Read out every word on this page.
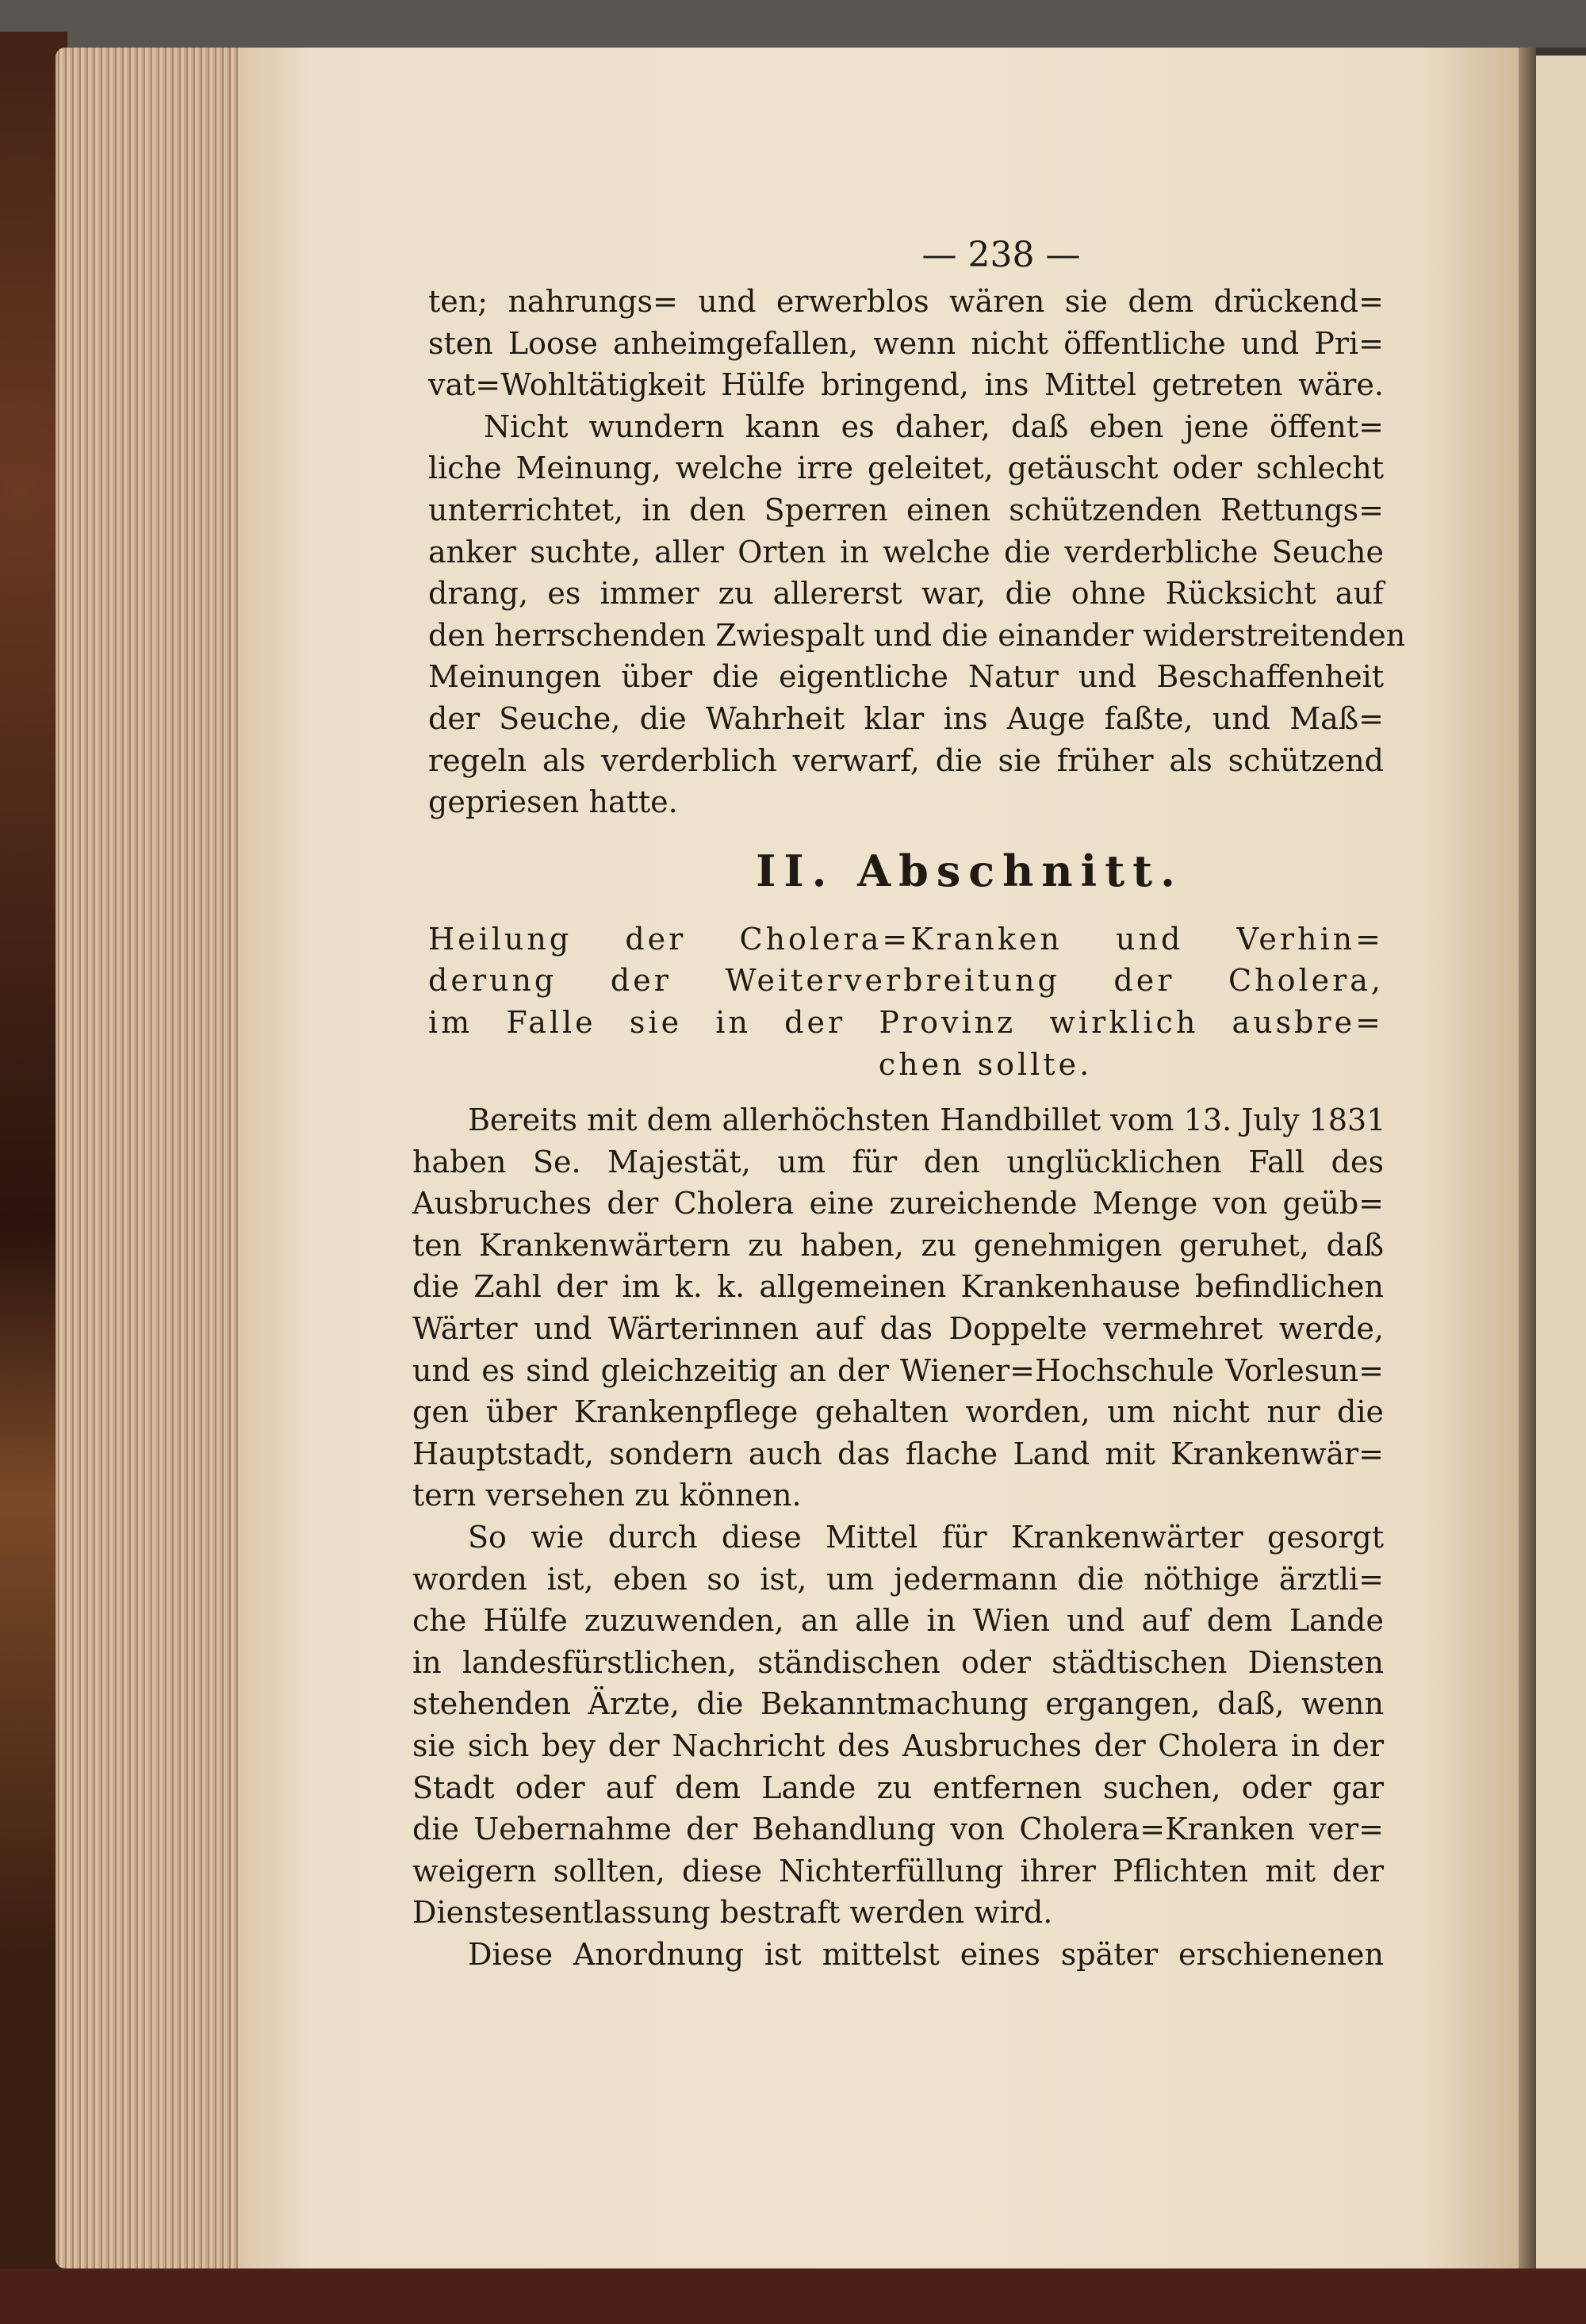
— 238 —
ten; nahrungs= und erwerblos wären sie dem drückend=
sten Loose anheimgefallen, wenn nicht öffentliche und Pri=
vat=Wohltätigkeit Hülfe bringend, ins Mittel getreten wäre.
Nicht wundern kann es daher, daß eben jene öffent=
liche Meinung, welche irre geleitet, getäuscht oder schlecht
unterrichtet, in den Sperren einen schützenden Rettungs=
anker suchte, aller Orten in welche die verderbliche Seuche
drang, es immer zu allererst war, die ohne Rücksicht auf
den herrschenden Zwiespalt und die einander widerstreitenden
Meinungen über die eigentliche Natur und Beschaffenheit
der Seuche, die Wahrheit klar ins Auge faßte, und Maß=
regeln als verderblich verwarf, die sie früher als schützend
gepriesen hatte.
II. Abschnitt.
Heilung der Cholera=Kranken und Verhin=
derung der Weiterverbreitung der Cholera,
im Falle sie in der Provinz wirklich ausbre=
chen sollte.
Bereits mit dem allerhöchsten Handbillet vom 13. July 1831
haben Se. Majestät, um für den unglücklichen Fall des
Ausbruches der Cholera eine zureichende Menge von geüb=
ten Krankenwärtern zu haben, zu genehmigen geruhet, daß
die Zahl der im k. k. allgemeinen Krankenhause befindlichen
Wärter und Wärterinnen auf das Doppelte vermehret werde,
und es sind gleichzeitig an der Wiener=Hochschule Vorlesun=
gen über Krankenpflege gehalten worden, um nicht nur die
Hauptstadt, sondern auch das flache Land mit Krankenwär=
tern versehen zu können.
So wie durch diese Mittel für Krankenwärter gesorgt
worden ist, eben so ist, um jedermann die nöthige ärztli=
che Hülfe zuzuwenden, an alle in Wien und auf dem Lande
in landesfürstlichen, ständischen oder städtischen Diensten
stehenden Ärzte, die Bekanntmachung ergangen, daß, wenn
sie sich bey der Nachricht des Ausbruches der Cholera in der
Stadt oder auf dem Lande zu entfernen suchen, oder gar
die Uebernahme der Behandlung von Cholera=Kranken ver=
weigern sollten, diese Nichterfüllung ihrer Pflichten mit der
Dienstesentlassung bestraft werden wird.
Diese Anordnung ist mittelst eines später erschienenen
